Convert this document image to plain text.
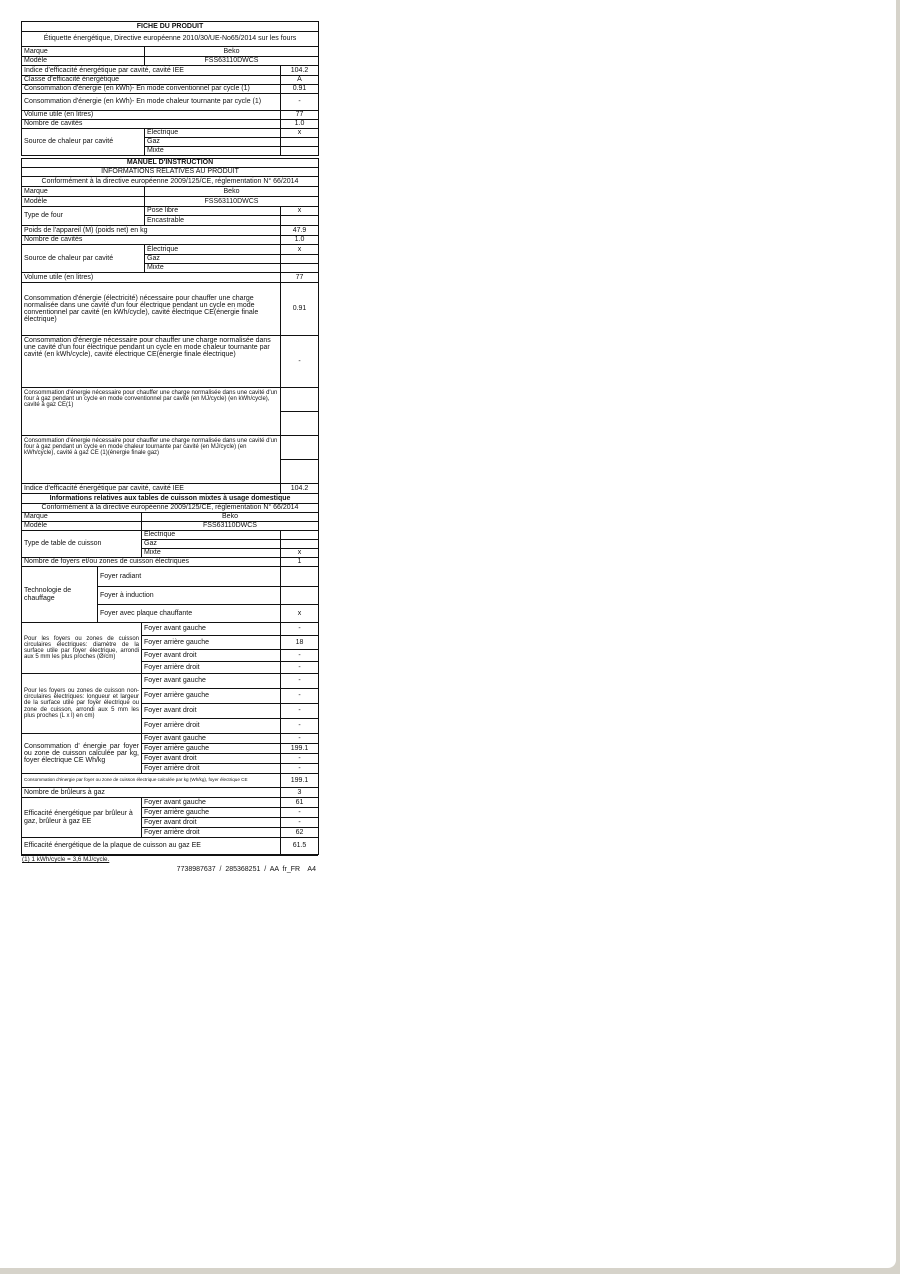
FICHE DU PRODUIT		
Étiquette énergétique, Directive européenne 2010/30/UE-No65/2014 sur les fours		
Marque	Beko	
Modèle	FSS63110DWCS	
Indice d'efficacité énergétique par cavité, cavité IEE		104.2
Classe d'efficacité énergétique		A
Consommation d'énergie (en kWh)- En mode conventionnel par cycle (1)		0.91
Consommation d'énergie (en kWh)- En mode chaleur tournante par cycle (1)		-
Volume utile (en litres)		77
Nombre de cavités		1.0
Source de chaleur par cavité	Électrique	x
	Gaz	
	Mixte	
MANUEL D'INSTRUCTION		
INFORMATIONS RELATIVES AU PRODUIT		
Conformément à la directive européenne 2009/125/CE, réglementation N° 66/2014		
Marque	Beko	
Modèle	FSS63110DWCS	
Type de four	Pose libre	x
	Encastrable	
Poids de l'appareil (M) (poids net) en kg		47.9
Nombre de cavités		1.0
Source de chaleur par cavité	Électrique	x
	Gaz	
	Mixte	
Volume utile (en litres)		77
Consommation d'énergie (électricité) nécessaire pour chauffer une charge normalisée dans une cavité d'un four électrique pendant un cycle en mode conventionnel par cavité (en kWh/cycle), cavité électrique CE(énergie finale électrique)		0.91
Consommation d'énergie nécessaire pour chauffer une charge normalisée dans une cavité d'un four électrique pendant un cycle en mode chaleur tournante par cavité (en kWh/cycle), cavité électrique CE(énergie finale électrique)		-
Consommation d'énergie nécessaire pour chauffer une charge normalisée dans une cavité d'un four à gaz pendant un cycle en mode conventionnel par cavité (en MJ/cycle) (en kWh/cycle), cavité à gaz CE(1)		

Consommation d'énergie nécessaire pour chauffer une charge normalisée dans une cavité d'un four à gaz pendant un cycle en mode chaleur tournante par cavité (en MJ/cycle) (en kWh/cycle), cavité à gaz CE (1)(énergie finale gaz)		

Indice d'efficacité énergétique par cavité, cavité IEE		104.2
Informations relatives aux tables de cuisson mixtes à usage domestique			
Conformément à la directive européenne 2009/125/CE, réglementation N° 66/2014			
Marque		Beko	
Modèle		FSS63110DWCS	
Type de table de cuisson		Électrique	
		Gaz	
		Mixte	x
Nombre de foyers et/ou zones de cuisson électriques			1
Technologie de chauffage	Foyer radiant		
	Foyer à induction		
	Foyer avec plaque chauffante		x
Pour les foyers ou zones de cuisson circulaires électriques: diamètre de la surface utile par foyer électrique, arrondi aux 5 mm les plus proches (Ø/cm)	Foyer avant gauche	-
	Foyer arrière gauche	18
	Foyer avant droit	-
	Foyer arrière droit	-
Pour les foyers ou zones de cuisson non-circulaires électriques: longueur et largeur de la surface utile par foyer électrique ou zone de cuisson, arrondi aux 5 mm les plus proches (L x l) en cm)	Foyer avant gauche	-
	Foyer arrière gauche	-
	Foyer avant droit	-
	Foyer arrière droit	-
Consommation d' énergie par foyer ou zone de cuisson calculée par kg, foyer électrique CE Wh/kg	Foyer avant gauche	-
	Foyer arrière gauche	199.1
	Foyer avant droit	-
	Foyer arrière droit	-
Consommation d'énergie par foyer ou zone de cuisson électrique calculée par kg (Wh/kg), foyer électrique CE		199.1
Nombre de brûleurs à gaz		3
Efficacité énergétique par brûleur à gaz, brûleur à gaz EE	Foyer avant gauche	61
	Foyer arrière gauche	-
	Foyer avant droit	-
	Foyer arrière droit	62
Efficacité énergétique de la plaque de cuisson au gaz EE		61.5
(1) 1 kWh/cycle = 3,6 MJ/cycle.
7738987637  /  285368251  /  AA  fr_FR    A4
